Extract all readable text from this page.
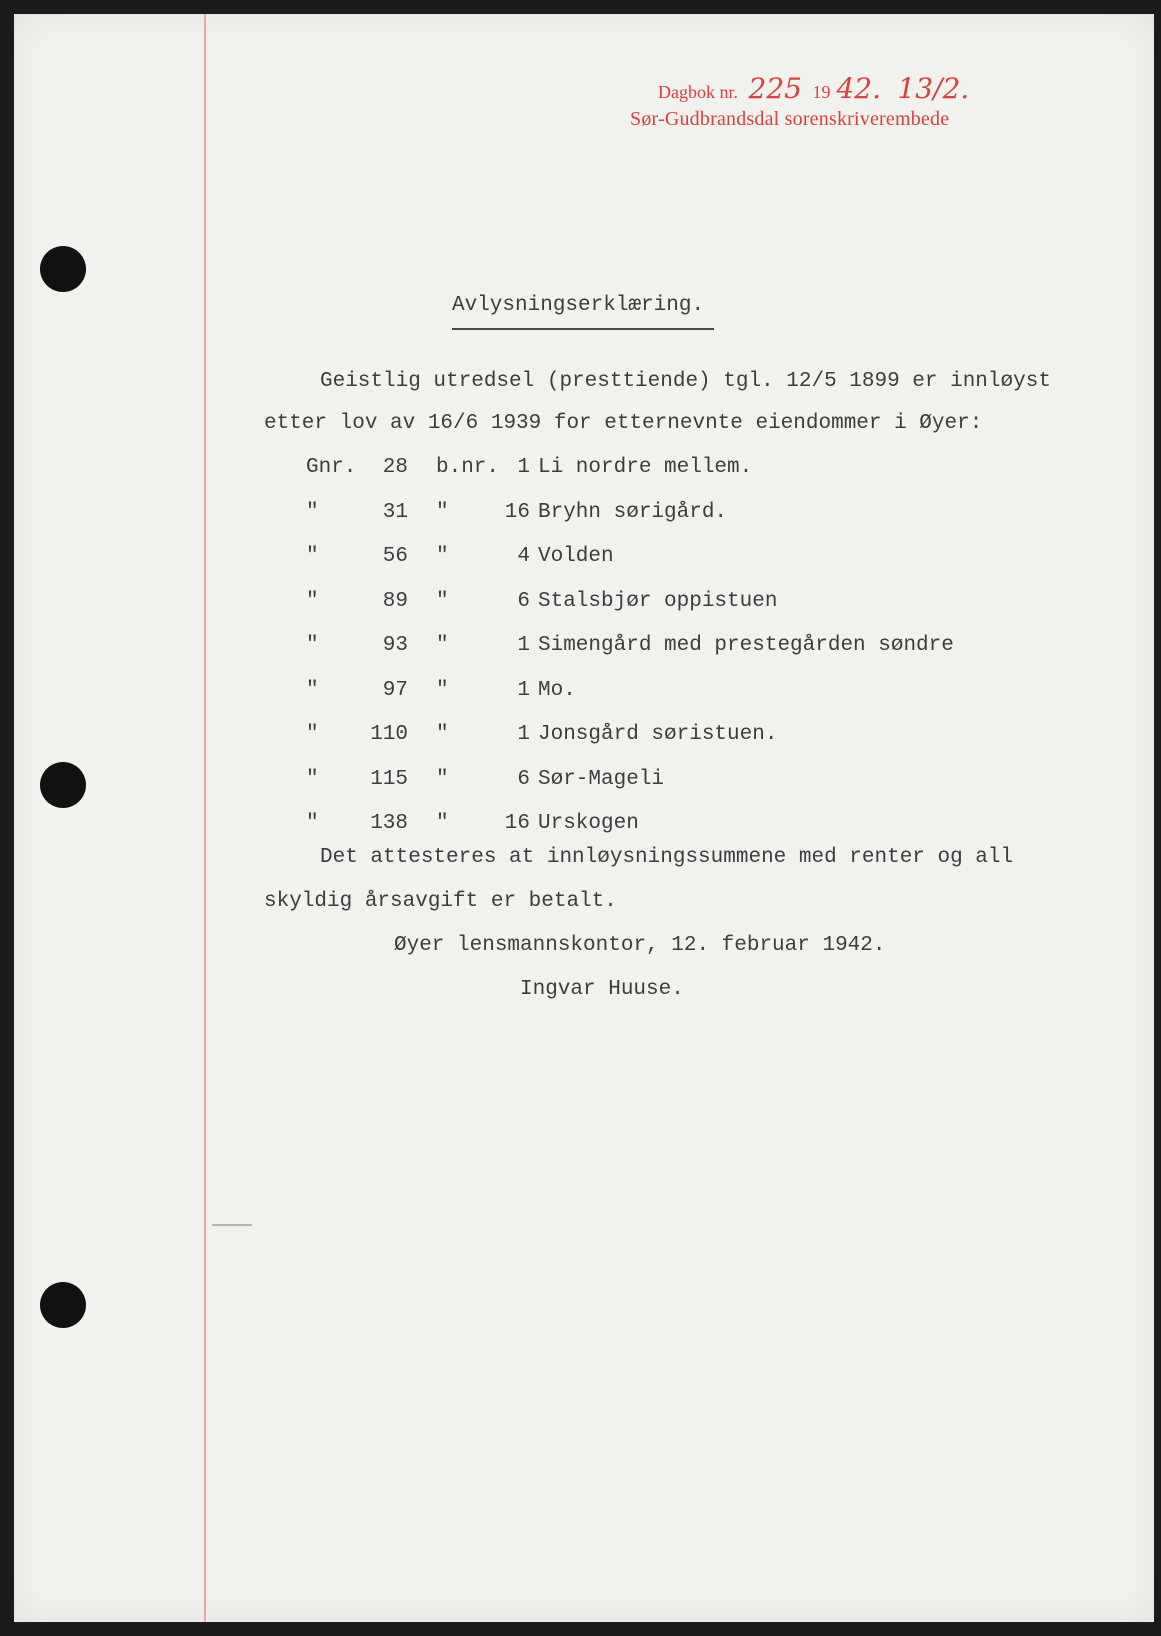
Dagbok nr. 225 19 42. 13/2.
Sør-Gudbrandsdal sorenskriverembede
Avlysningserklæring.
Geistlig utredsel (presttiende) tgl. 12/5 1899 er innløyst
etter lov av 16/6 1939 for etternevnte eiendommer i Øyer:
Gnr.	28 b.nr. 1 Li nordre mellem.
"	31 "	16 Bryhn sørigård.
"	56 "	4 Volden
"	89 "	6 Stalsbjør oppistuen
"	93 "	1 Simengård med prestegården søndre
"	97 "	1 Mo.
"	110 "	1 Jonsgård søristuen.
"	115 "	6 Sør-Mageli
"	138 "	16 Urskogen
Det attesteres at innløysningssummene med renter og all
skyldig årsavgift er betalt.
Øyer lensmannskontor, 12. februar 1942.
Ingvar Huuse.
